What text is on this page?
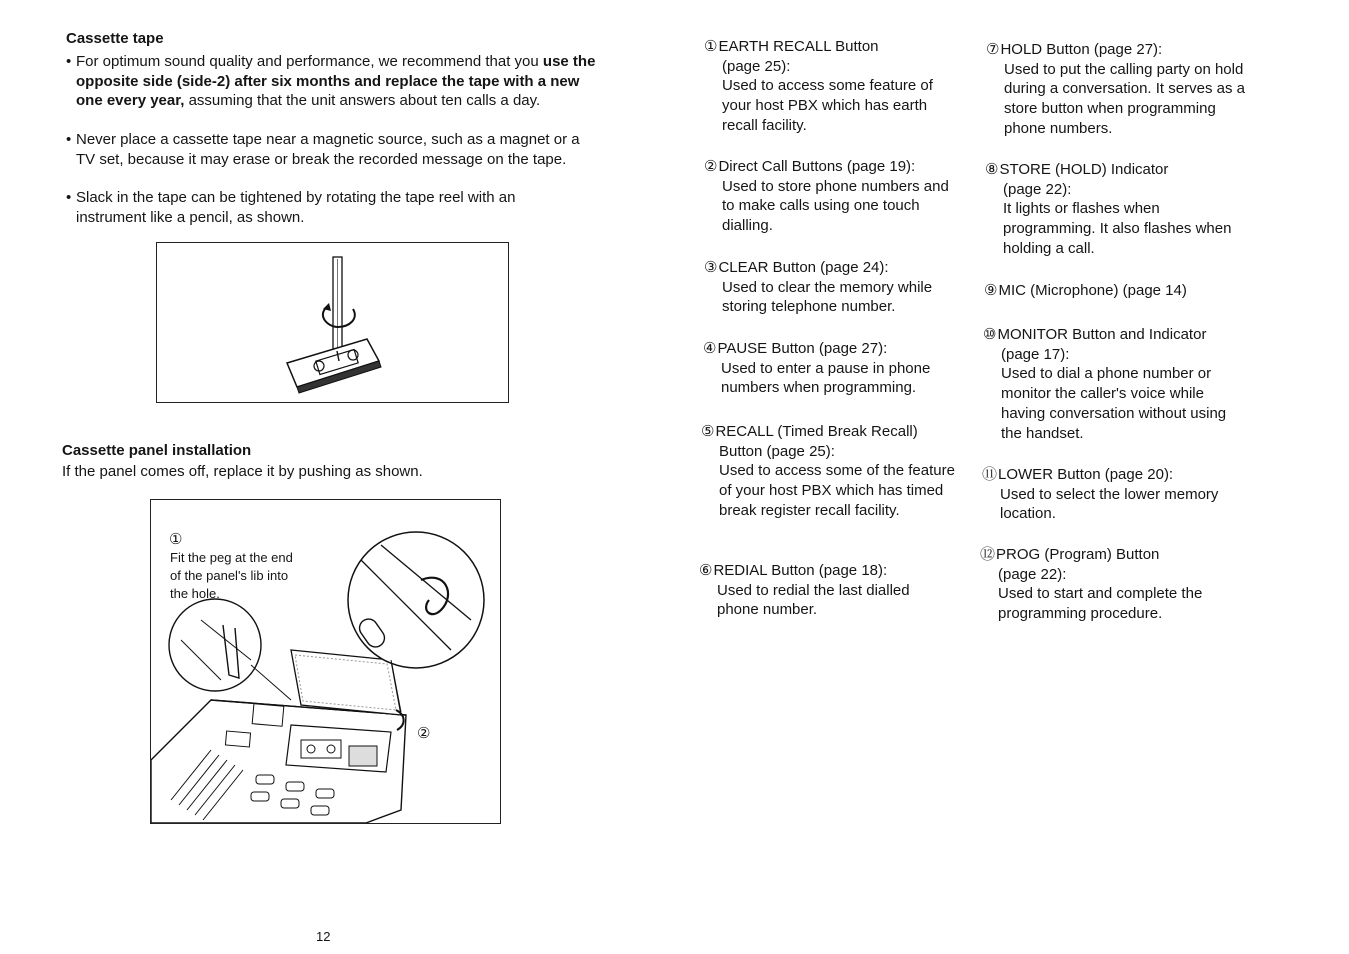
Cassette tape
• For optimum sound quality and performance, we recommend that you use the opposite side (side-2) after six months and replace the tape with a new one every year, assuming that the unit answers about ten calls a day.
• Never place a cassette tape near a magnetic source, such as a magnet or a TV set, because it may erase or break the recorded message on the tape.
• Slack in the tape can be tightened by rotating the tape reel with an instrument like a pencil, as shown.
Cassette panel installation
If the panel comes off, replace it by pushing as shown.
①
Fit the peg at the end of the panel's lib into the hole.
②
12
①EARTH RECALL Button
(page 25):
Used to access some feature of your host PBX which has earth recall facility.
②Direct Call Buttons (page 19):
Used to store phone numbers and to make calls using one touch dialling.
③CLEAR Button (page 24):
Used to clear the memory while storing telephone number.
④PAUSE Button (page 27):
Used to enter a pause in phone numbers when programming.
⑤RECALL (Timed Break Recall)
Button (page 25):
Used to access some of the feature of your host PBX which has timed break register recall facility.
⑥REDIAL Button (page 18):
Used to redial the last dialled phone number.
⑦HOLD Button (page 27):
Used to put the calling party on hold during a conversation. It serves as a store button when programming phone numbers.
⑧STORE (HOLD) Indicator
(page 22):
It lights or flashes when programming. It also flashes when holding a call.
⑨MIC (Microphone) (page 14)
⑩MONITOR Button and Indicator
(page 17):
Used to dial a phone number or monitor the caller's voice while having conversation without using the handset.
⑪LOWER Button (page 20):
Used to select the lower memory location.
⑫PROG (Program) Button
(page 22):
Used to start and complete the programming procedure.
